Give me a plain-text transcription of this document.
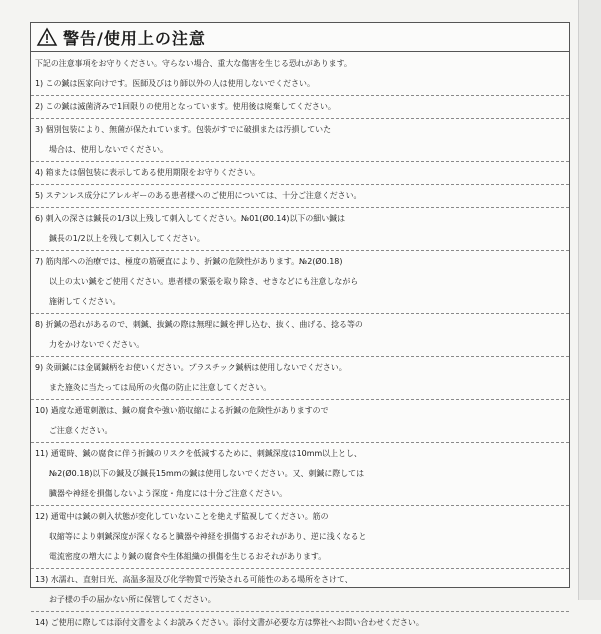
警告/使用上の注意
下記の注意事項をお守りください。守らない場合、重大な傷害を生じる恐れがあります。
1) この鍼は医家向けです。医師及びはり師以外の人は使用しないでください。
2) この鍼は滅菌済みで1回限りの使用となっています。使用後は廃棄してください。
3) 個別包装により、無菌が保たれています。包装がすでに破損または汚損していた
場合は、使用しないでください。
4) 箱または個包装に表示してある使用期限をお守りください。
5) ステンレス成分にアレルギーのある患者様へのご使用については、十分ご注意ください。
6) 刺入の深さは鍼長の1/3以上残して刺入してください。№01(Ø0.14)以下の細い鍼は
鍼長の1/2以上を残して刺入してください。
7) 筋肉部への治療では、極度の筋硬直により、折鍼の危険性があります。№2(Ø0.18)
以上の太い鍼をご使用ください。患者様の緊張を取り除き、せきなどにも注意しながら
施術してください。
8) 折鍼の恐れがあるので、刺鍼、抜鍼の際は無理に鍼を押し込む、抜く、曲げる、捻る等の
力をかけないでください。
9) 灸頭鍼には金属鍼柄をお使いください。プラスチック鍼柄は使用しないでください。
また施灸に当たっては局所の火傷の防止に注意してください。
10) 過度な通電刺激は、鍼の腐食や強い筋収縮による折鍼の危険性がありますので
ご注意ください。
11) 通電時、鍼の腐食に伴う折鍼のリスクを低減するために、刺鍼深度は10mm以上とし、
№2(Ø0.18)以下の鍼及び鍼長15mmの鍼は使用しないでください。又、刺鍼に際しては
臓器や神経を損傷しないよう深度・角度には十分ご注意ください。
12) 通電中は鍼の刺入状態が変化していないことを絶えず監視してください。筋の
収縮等により刺鍼深度が深くなると臓器や神経を損傷するおそれがあり、逆に浅くなると
電流密度の増大により鍼の腐食や生体組織の損傷を生じるおそれがあります。
13) 水濡れ、直射日光、高温多湿及び化学物質で汚染される可能性のある場所をさけて、
お子様の手の届かない所に保管してください。
14) ご使用に際しては添付文書をよくお読みください。添付文書が必要な方は弊社へお問い合わせください。
